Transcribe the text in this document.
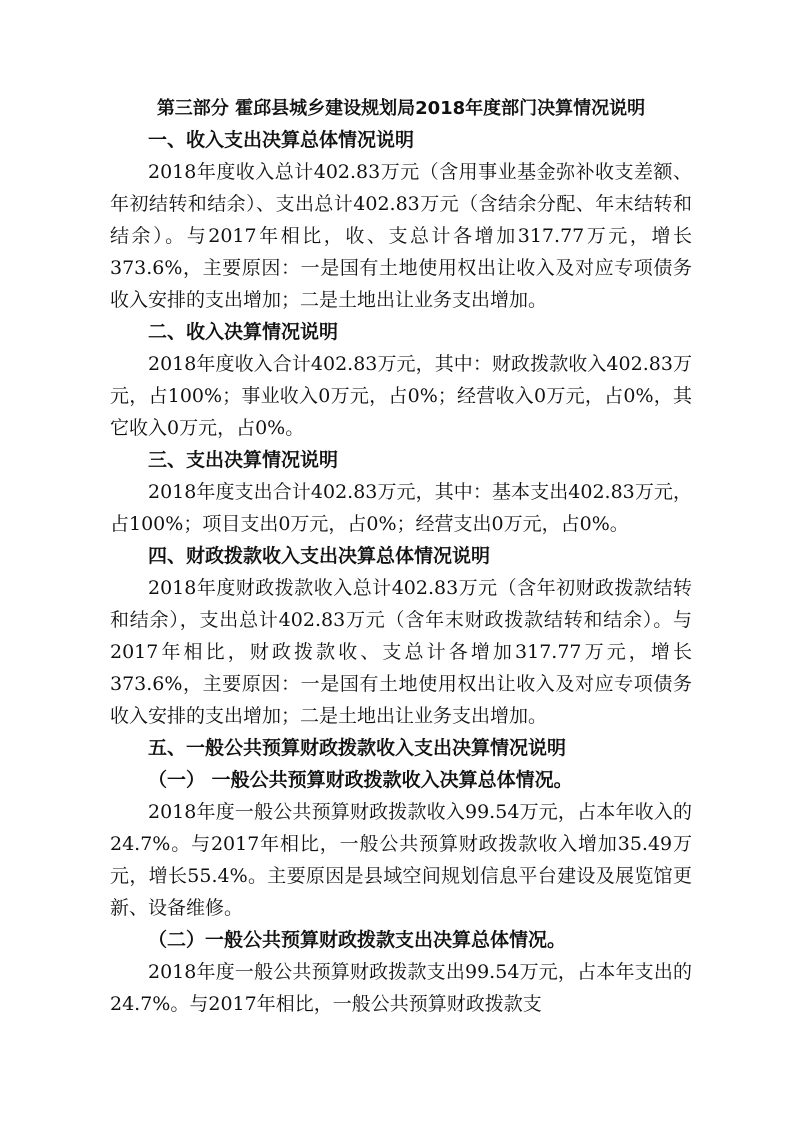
第三部分 霍邱县城乡建设规划局2018年度部门决算情况说明
一、收入支出决算总体情况说明
2018年度收入总计402.83万元（含用事业基金弥补收支差额、年初结转和结余）、支出总计402.83万元（含结余分配、年末结转和结余）。与2017年相比，收、支总计各增加317.77万元，增长373.6%，主要原因：一是国有土地使用权出让收入及对应专项债务收入安排的支出增加；二是土地出让业务支出增加。
二、收入决算情况说明
2018年度收入合计402.83万元，其中：财政拨款收入402.83万元，占100%；事业收入0万元，占0%；经营收入0万元，占0%，其它收入0万元，占0%。
三、支出决算情况说明
2018年度支出合计402.83万元，其中：基本支出402.83万元，占100%；项目支出0万元，占0%；经营支出0万元，占0%。
四、财政拨款收入支出决算总体情况说明
2018年度财政拨款收入总计402.83万元（含年初财政拨款结转和结余），支出总计402.83万元（含年末财政拨款结转和结余）。与2017年相比，财政拨款收、支总计各增加317.77万元，增长373.6%，主要原因：一是国有土地使用权出让收入及对应专项债务收入安排的支出增加；二是土地出让业务支出增加。
五、一般公共预算财政拨款收入支出决算情况说明
（一） 一般公共预算财政拨款收入决算总体情况。
2018年度一般公共预算财政拨款收入99.54万元，占本年收入的24.7%。与2017年相比，一般公共预算财政拨款收入增加35.49万元，增长55.4%。主要原因是县域空间规划信息平台建设及展览馆更新、设备维修。
（二）一般公共预算财政拨款支出决算总体情况。
2018年度一般公共预算财政拨款支出99.54万元，占本年支出的24.7%。与2017年相比，一般公共预算财政拨款支
